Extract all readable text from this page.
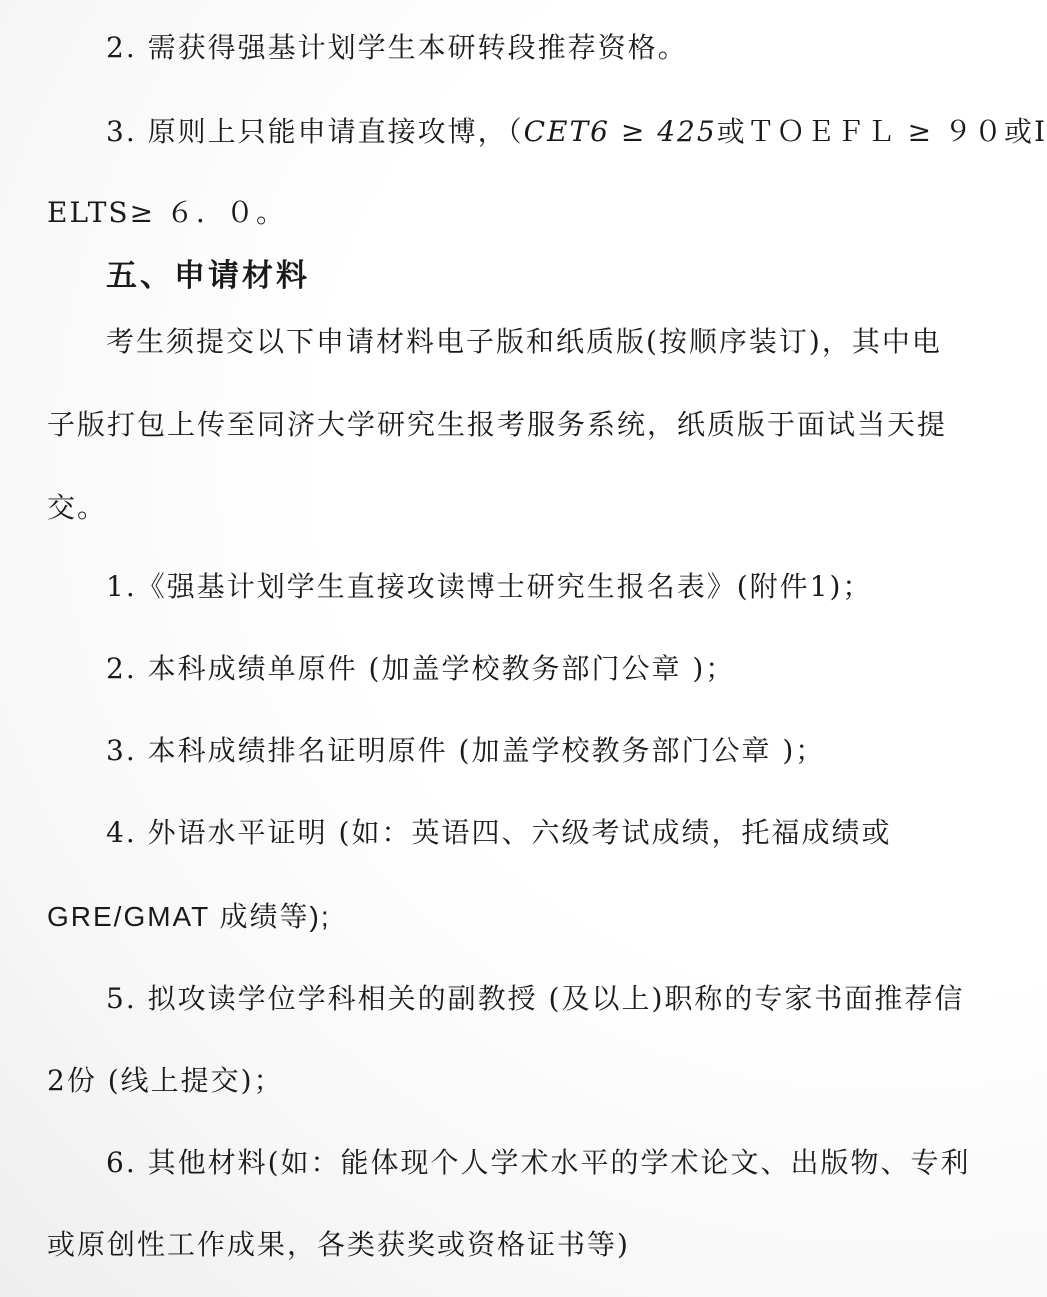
2. 需获得强基计划学生本研转段推荐资格。
3. 原则上只能申请直接攻博，（CET6 ≥ 425或ＴＯＥＦＬ ≥ ９０或I
ELTS≥ ６．０。
五、申请材料
考生须提交以下申请材料电子版和纸质版(按顺序装订)，其中电
子版打包上传至同济大学研究生报考服务系统，纸质版于面试当天提
交。
1.《强基计划学生直接攻读博士研究生报名表》(附件1)；
2. 本科成绩单原件 (加盖学校教务部门公章 )；
3. 本科成绩排名证明原件 (加盖学校教务部门公章 )；
4. 外语水平证明 (如：英语四、六级考试成绩，托福成绩或
GRE/GMAT 成绩等);
5. 拟攻读学位学科相关的副教授 (及以上)职称的专家书面推荐信
2份 (线上提交)；
6. 其他材料(如：能体现个人学术水平的学术论文、出版物、专利
或原创性工作成果，各类获奖或资格证书等)
